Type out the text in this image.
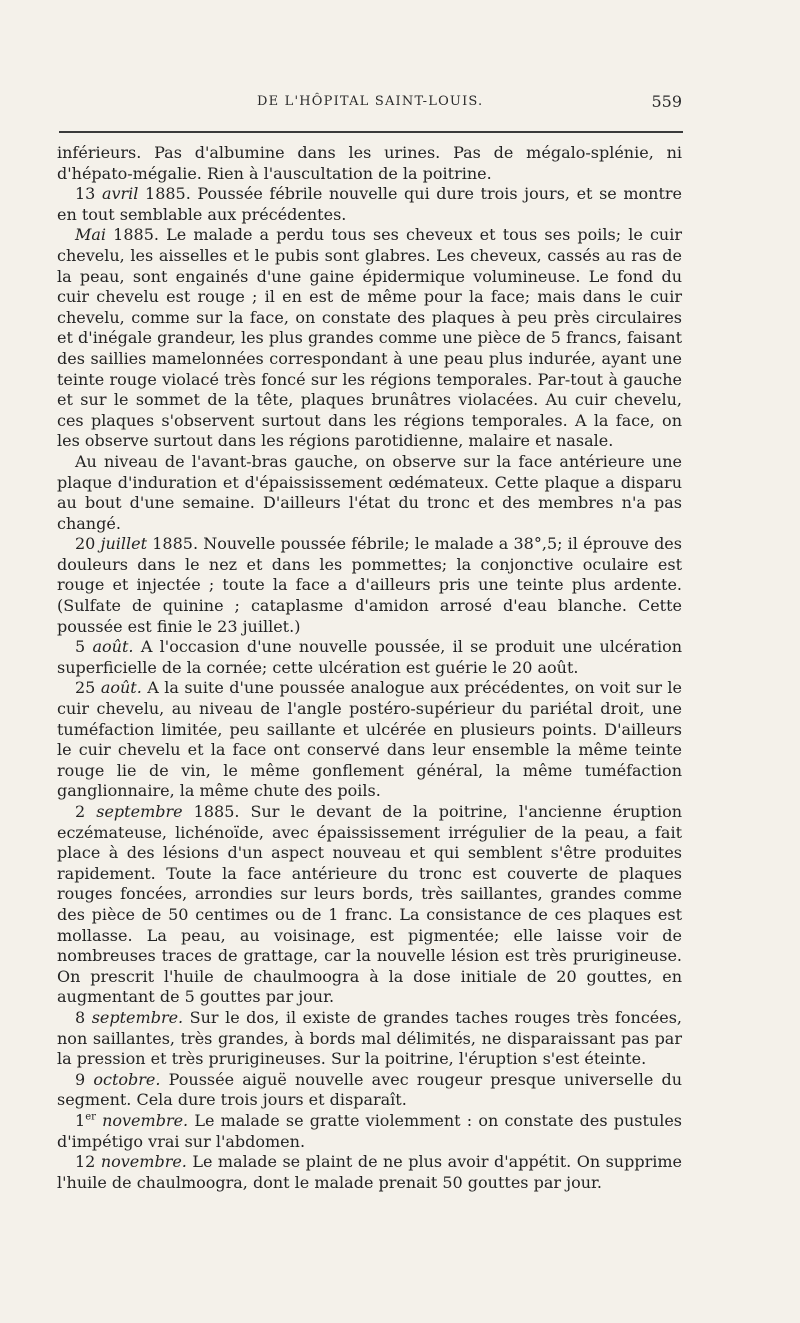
DE L'HÔPITAL SAINT-LOUIS.	559

inférieurs. Pas d'albumine dans les urines. Pas de mégalo-splénie, ni d'hépato-mégalie. Rien à l'auscultation de la poitrine.

13 avril 1885. Poussée fébrile nouvelle qui dure trois jours, et se montre en tout semblable aux précédentes.

Mai 1885. Le malade a perdu tous ses cheveux et tous ses poils; le cuir chevelu, les aisselles et le pubis sont glabres. Les cheveux, cassés au ras de la peau, sont engainés d'une gaine épidermique volumineuse. Le fond du cuir chevelu est rouge ; il en est de même pour la face; mais dans le cuir chevelu, comme sur la face, on constate des plaques à peu près circulaires et d'inégale grandeur, les plus grandes comme une pièce de 5 francs, faisant des saillies mamelonnées correspondant à une peau plus indurée, ayant une teinte rouge violacé très foncé sur les régions temporales. Par-tout à gauche et sur le sommet de la tête, plaques brunâtres violacées. Au cuir chevelu, ces plaques s'observent surtout dans les régions temporales. A la face, on les observe surtout dans les régions parotidienne, malaire et nasale.

Au niveau de l'avant-bras gauche, on observe sur la face antérieure une plaque d'induration et d'épaississement œdémateux. Cette plaque a disparu au bout d'une semaine. D'ailleurs l'état du tronc et des membres n'a pas changé.

20 juillet 1885. Nouvelle poussée fébrile; le malade a 38°,5; il éprouve des douleurs dans le nez et dans les pommettes; la conjonctive oculaire est rouge et injectée ; toute la face a d'ailleurs pris une teinte plus ardente. (Sulfate de quinine ; cataplasme d'amidon arrosé d'eau blanche. Cette poussée est finie le 23 juillet.)

5 août. A l'occasion d'une nouvelle poussée, il se produit une ulcération superficielle de la cornée; cette ulcération est guérie le 20 août.

25 août. A la suite d'une poussée analogue aux précédentes, on voit sur le cuir chevelu, au niveau de l'angle postéro-supérieur du pariétal droit, une tuméfaction limitée, peu saillante et ulcérée en plusieurs points. D'ailleurs le cuir chevelu et la face ont conservé dans leur ensemble la même teinte rouge lie de vin, le même gonflement général, la même tuméfaction ganglionnaire, la même chute des poils.

2 septembre 1885. Sur le devant de la poitrine, l'ancienne éruption eczémateuse, lichénoïde, avec épaississement irrégulier de la peau, a fait place à des lésions d'un aspect nouveau et qui semblent s'être produites rapidement. Toute la face antérieure du tronc est couverte de plaques rouges foncées, arrondies sur leurs bords, très saillantes, grandes comme des pièce de 50 centimes ou de 1 franc. La consistance de ces plaques est mollasse. La peau, au voisinage, est pigmentée; elle laisse voir de nombreuses traces de grattage, car la nouvelle lésion est très prurigineuse. On prescrit l'huile de chaulmoogra à la dose initiale de 20 gouttes, en augmentant de 5 gouttes par jour.

8 septembre. Sur le dos, il existe de grandes taches rouges très foncées, non saillantes, très grandes, à bords mal délimités, ne disparaissant pas par la pression et très prurigineuses. Sur la poitrine, l'éruption s'est éteinte.

9 octobre. Poussée aiguë nouvelle avec rougeur presque universelle du segment. Cela dure trois jours et disparaît.

1er novembre. Le malade se gratte violemment : on constate des pustules d'impétigo vrai sur l'abdomen.

12 novembre. Le malade se plaint de ne plus avoir d'appétit. On supprime l'huile de chaulmoogra, dont le malade prenait 50 gouttes par jour.
